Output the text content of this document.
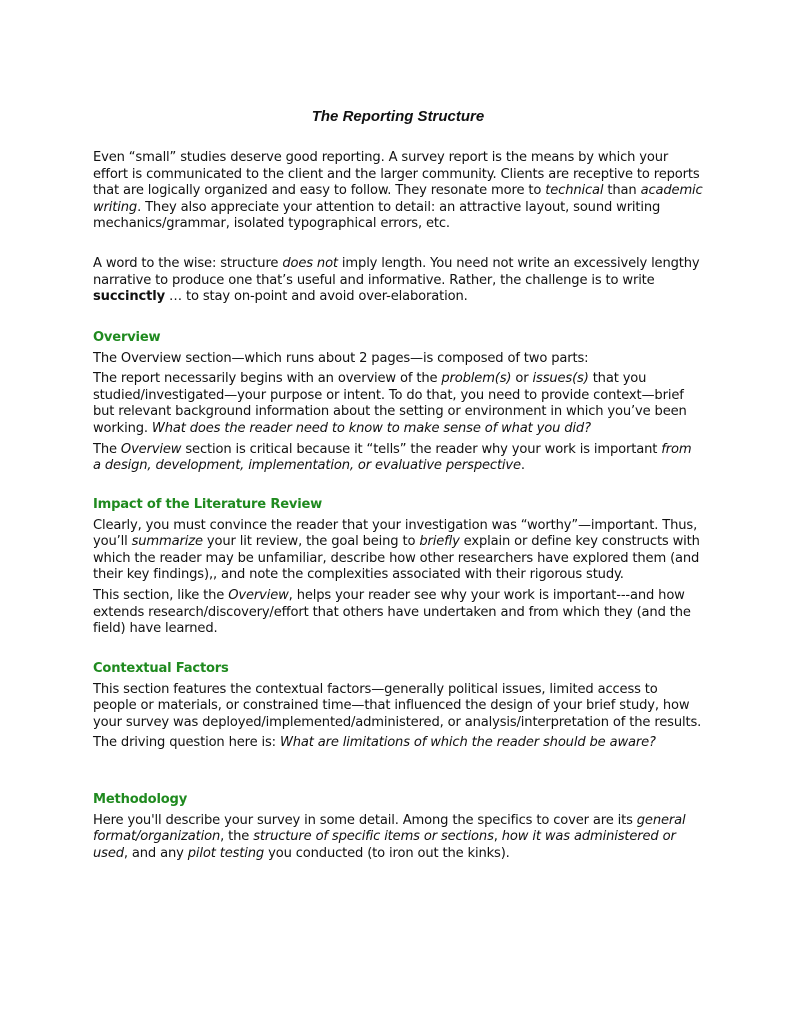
The Reporting Structure

Even “small” studies deserve good reporting. A survey report is the means by which your effort is communicated to the client and the larger community. Clients are receptive to reports that are logically organized and easy to follow. They resonate more to technical than academic writing. They also appreciate your attention to detail: an attractive layout, sound writing mechanics/grammar, isolated typographical errors, etc.

A word to the wise: structure does not imply length. You need not write an excessively lengthy narrative to produce one that’s useful and informative. Rather, the challenge is to write succinctly … to stay on-point and avoid over-elaboration.

Overview

The Overview section—which runs about 2 pages—is composed of two parts:

The report necessarily begins with an overview of the problem(s) or issues(s) that you studied/investigated—your purpose or intent. To do that, you need to provide context—brief but relevant background information about the setting or environment in which you’ve been working. What does the reader need to know to make sense of what you did?

The Overview section is critical because it “tells” the reader why your work is important from a design, development, implementation, or evaluative perspective.

Impact of the Literature Review

Clearly, you must convince the reader that your investigation was “worthy”—important. Thus, you’ll summarize your lit review, the goal being to briefly explain or define key constructs with which the reader may be unfamiliar, describe how other researchers have explored them (and their key findings),, and note the complexities associated with their rigorous study.

This section, like the Overview, helps your reader see why your work is important---and how extends research/discovery/effort that others have undertaken and from which they (and the field) have learned.

Contextual Factors

This section features the contextual factors—generally political issues, limited access to people or materials, or constrained time—that influenced the design of your brief study, how your survey was deployed/implemented/administered, or analysis/interpretation of the results.

The driving question here is: What are limitations of which the reader should be aware?

Methodology

Here you'll describe your survey in some detail. Among the specifics to cover are its general format/organization, the structure of specific items or sections, how it was administered or used, and any pilot testing you conducted (to iron out the kinks).
